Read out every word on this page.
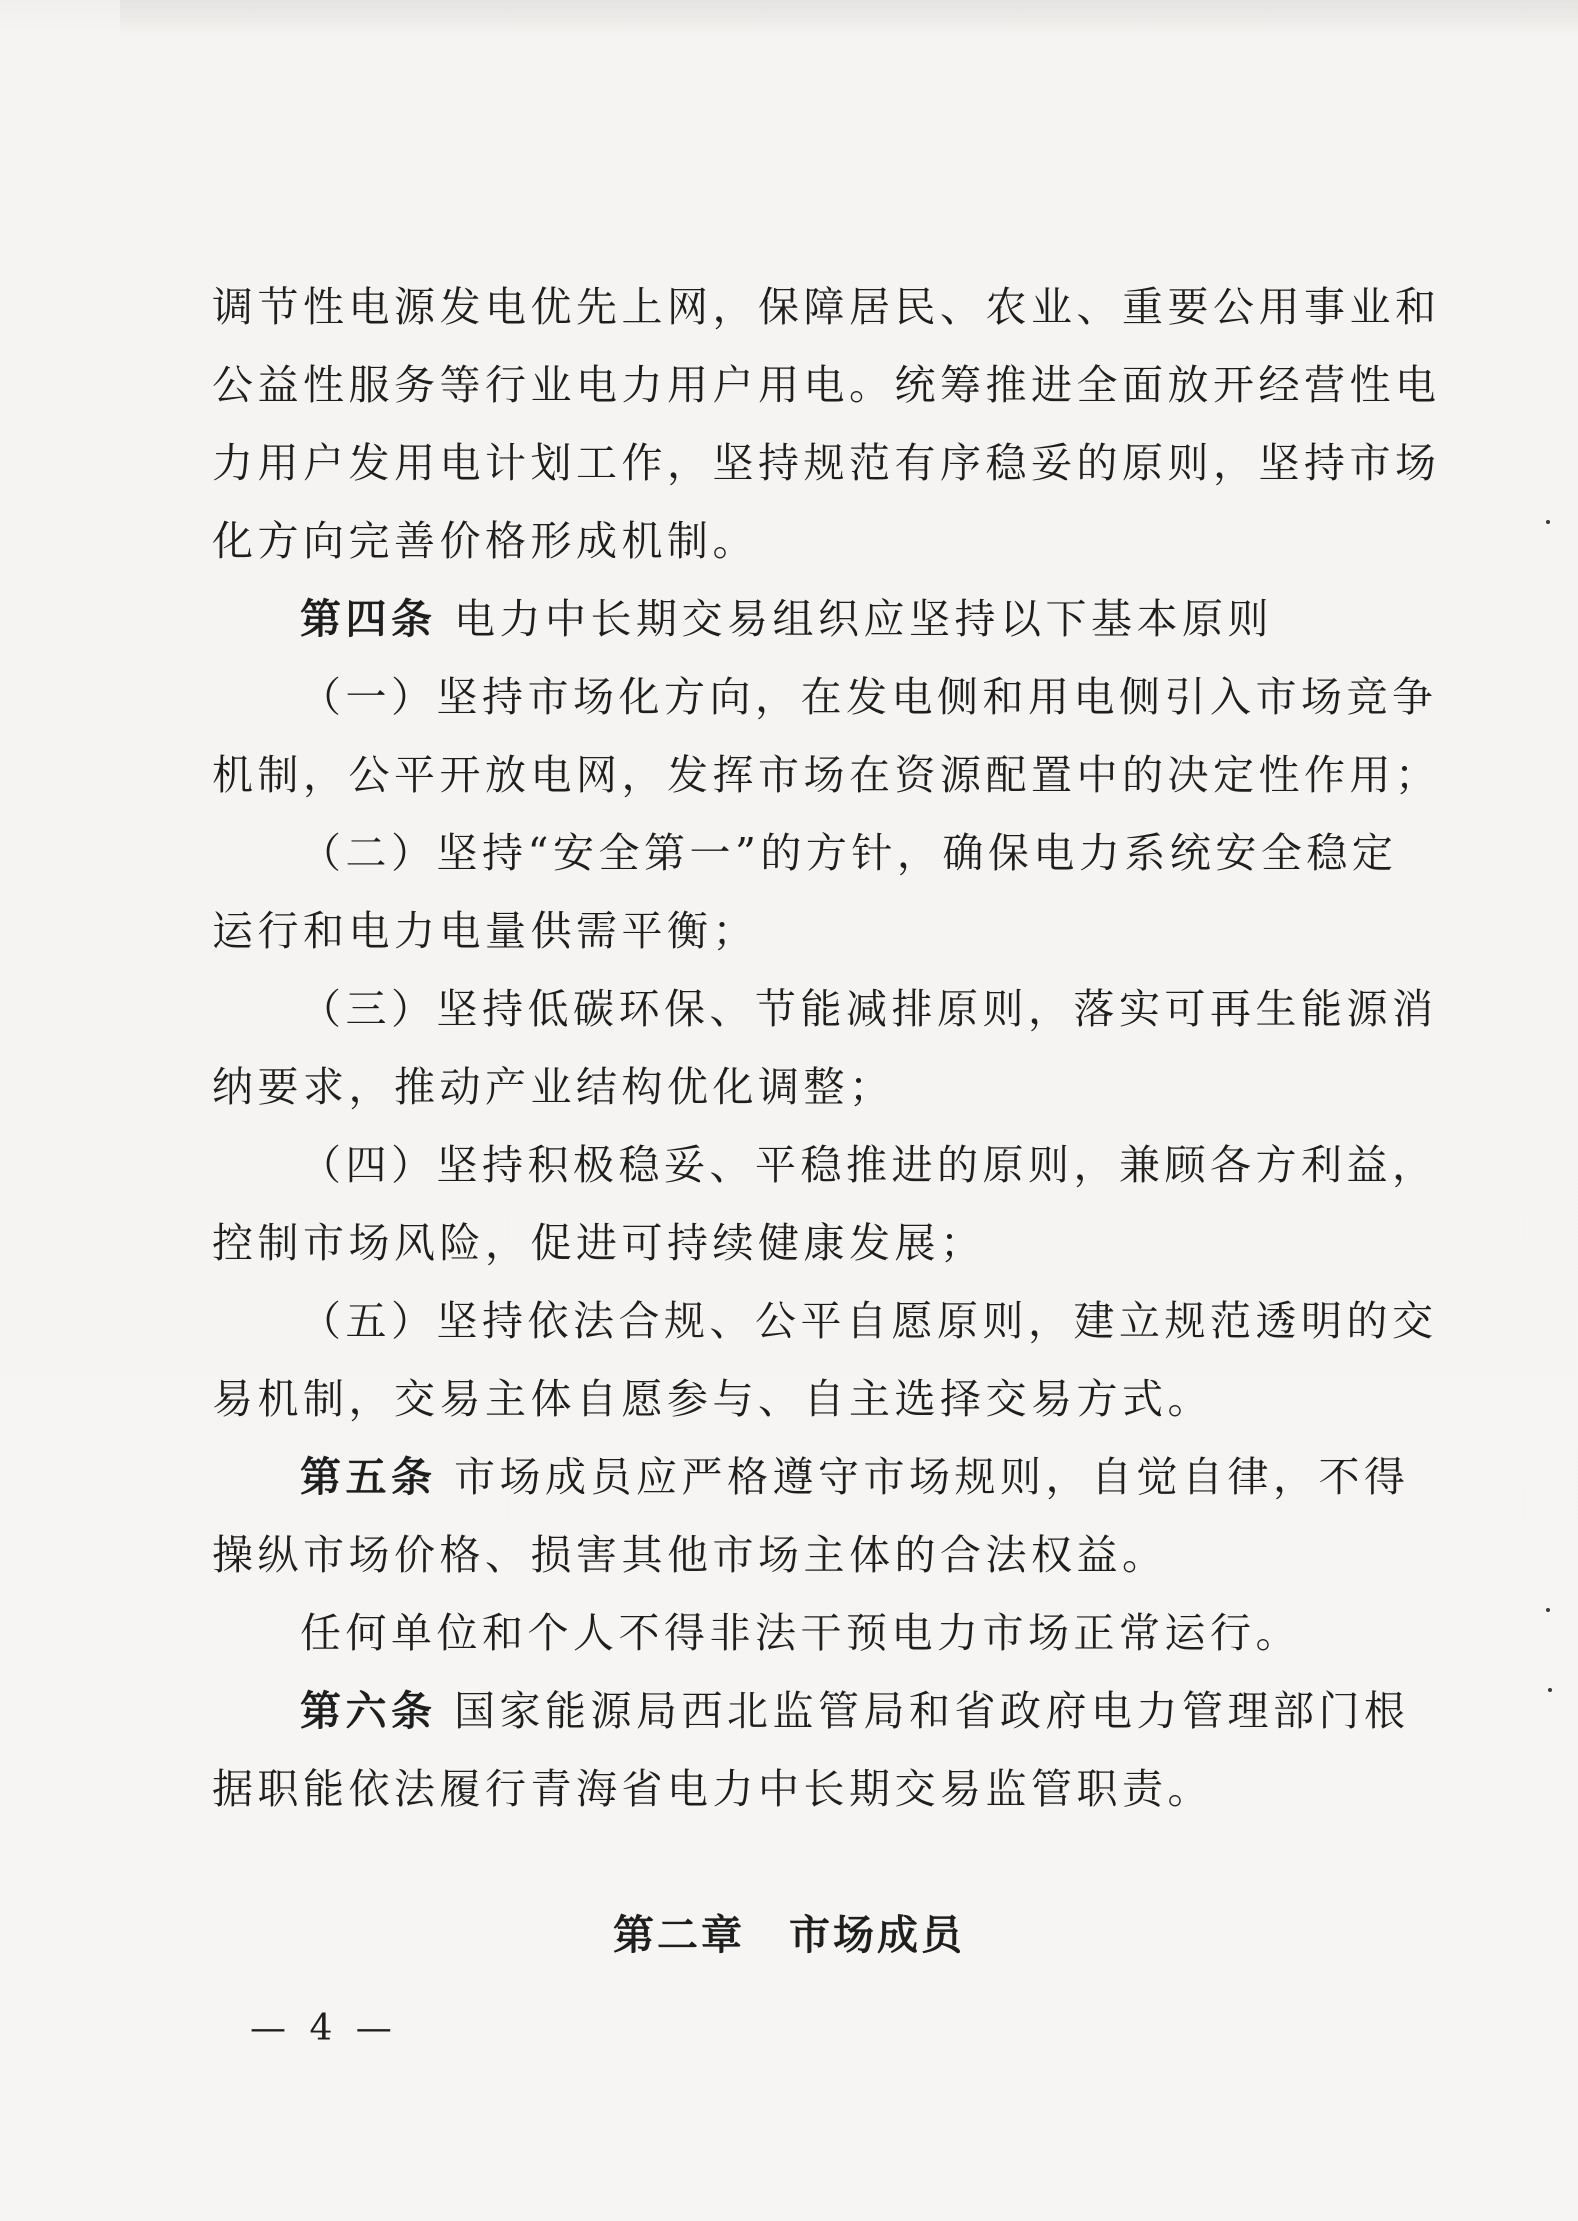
调节性电源发电优先上网，保障居民、农业、重要公用事业和
公益性服务等行业电力用户用电。统筹推进全面放开经营性电
力用户发用电计划工作，坚持规范有序稳妥的原则，坚持市场
化方向完善价格形成机制。
第四条 电力中长期交易组织应坚持以下基本原则
（一）坚持市场化方向，在发电侧和用电侧引入市场竞争
机制，公平开放电网，发挥市场在资源配置中的决定性作用；
（二）坚持“安全第一”的方针，确保电力系统安全稳定
运行和电力电量供需平衡；
（三）坚持低碳环保、节能减排原则，落实可再生能源消
纳要求，推动产业结构优化调整；
（四）坚持积极稳妥、平稳推进的原则，兼顾各方利益，
控制市场风险，促进可持续健康发展；
（五）坚持依法合规、公平自愿原则，建立规范透明的交
易机制，交易主体自愿参与、自主选择交易方式。
第五条 市场成员应严格遵守市场规则，自觉自律，不得
操纵市场价格、损害其他市场主体的合法权益。
任何单位和个人不得非法干预电力市场正常运行。
第六条 国家能源局西北监管局和省政府电力管理部门根
据职能依法履行青海省电力中长期交易监管职责。
第二章　市场成员
— 4 —
